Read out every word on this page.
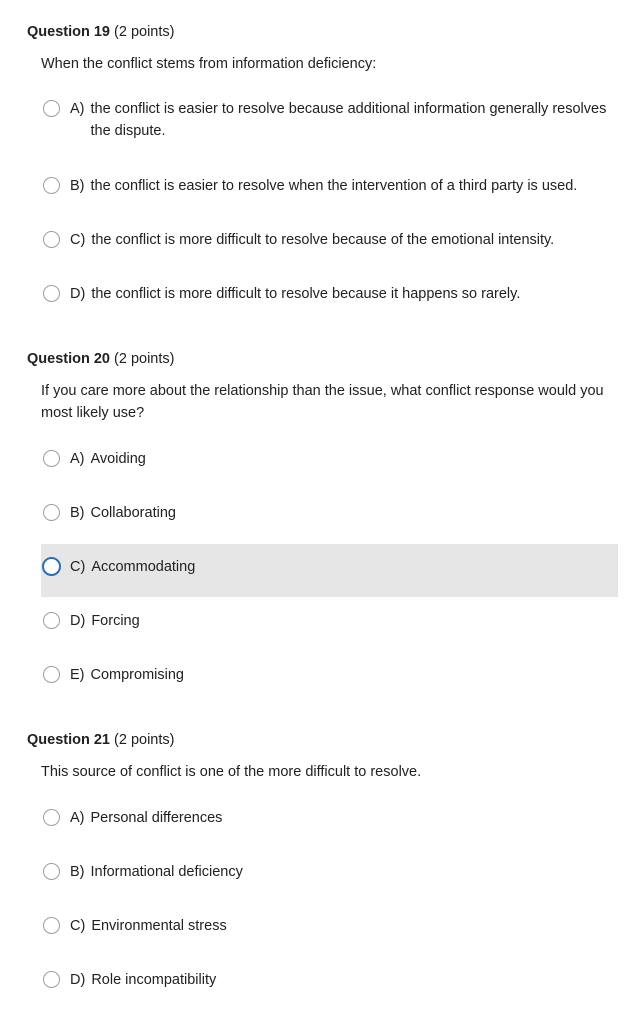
Question 19 (2 points)
When the conflict stems from information deficiency:
A) the conflict is easier to resolve because additional information generally resolves the dispute.
B) the conflict is easier to resolve when the intervention of a third party is used.
C) the conflict is more difficult to resolve because of the emotional intensity.
D) the conflict is more difficult to resolve because it happens so rarely.
Question 20 (2 points)
If you care more about the relationship than the issue, what conflict response would you most likely use?
A) Avoiding
B) Collaborating
C) Accommodating
D) Forcing
E) Compromising
Question 21 (2 points)
This source of conflict is one of the more difficult to resolve.
A) Personal differences
B) Informational deficiency
C) Environmental stress
D) Role incompatibility
